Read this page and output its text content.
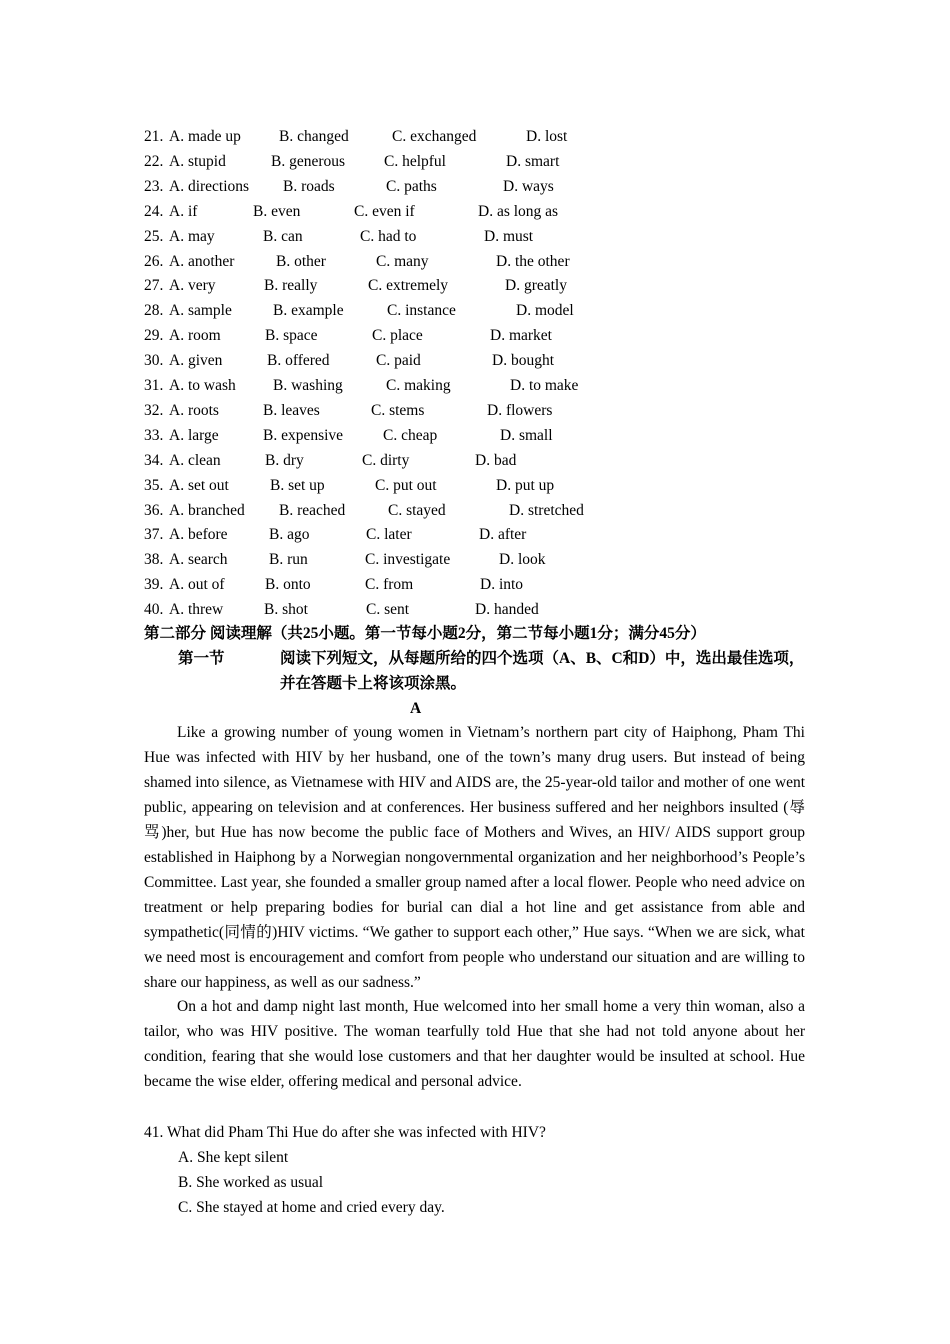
21. A. made up B. changed	C. exchanged	D. lost
22. A. stupid	B. generous	C. helpful	D. smart
23. A. directions B. roads	C. paths	D. ways
24. A. if	B. even	C. even if	D. as long as
25. A. may	B. can	C. had to	D. must
26. A. another	B. other	C. many	D. the other
27. A. very	B. really	C. extremely	D. greatly
28. A. sample	B. example	C. instance	D. model
29. A. room	B. space	C. place	D. market
30. A. given	B. offered	C. paid	D. bought
31. A. to wash B. washing	C. making	D. to make
32. A. roots	B. leaves	C. stems	D. flowers
33. A. large	B. expensive	C. cheap	D. small
34. A. clean	B. dry	C. dirty	D. bad
35. A. set out	B. set up	C. put out	D. put up
36. A. branched B. reached	C. stayed	D. stretched
37. A. before	B. ago	C. later	D. after
38. A. search	B. run	C. investigate	D. look
39. A. out of	B. onto	C. from	D. into
40. A. threw	B. shot	C. sent	D. handed
第二部分 阅读理解（共25小题。第一节每小题2分，第二节每小题1分；满分45分）
第一节	阅读下列短文，从每题所给的四个选项（A、B、C和D）中，选出最佳选项，
并在答题卡上将该项涂黑。
A

Like a growing number of young women in Vietnam’s northern part city of Haiphong, Pham Thi Hue was infected with HIV by her husband, one of the town’s many drug users. But instead of being shamed into silence, as Vietnamese with HIV and AIDS are, the 25-year-old tailor and mother of one went public, appearing on television and at conferences. Her business suffered and her neighbors insulted (辱骂)her, but Hue has now become the public face of Mothers and Wives, an HIV/ AIDS support group established in Haiphong by a Norwegian nongovernmental organization and her neighborhood’s People’s Committee. Last year, she founded a smaller group named after a local flower. People who need advice on treatment or help preparing bodies for burial can dial a hot line and get assistance from able and sympathetic(同情的)HIV victims. “We gather to support each other,” Hue says. “When we are sick, what we need most is encouragement and comfort from people who understand our situation and are willing to share our happiness, as well as our sadness.”

On a hot and damp night last month, Hue welcomed into her small home a very thin woman, also a tailor, who was HIV positive. The woman tearfully told Hue that she had not told anyone about her condition, fearing that she would lose customers and that her daughter would be insulted at school. Hue became the wise elder, offering medical and personal advice.

41. What did Pham Thi Hue do after she was infected with HIV?
A. She kept silent
B. She worked as usual
C. She stayed at home and cried every day.
